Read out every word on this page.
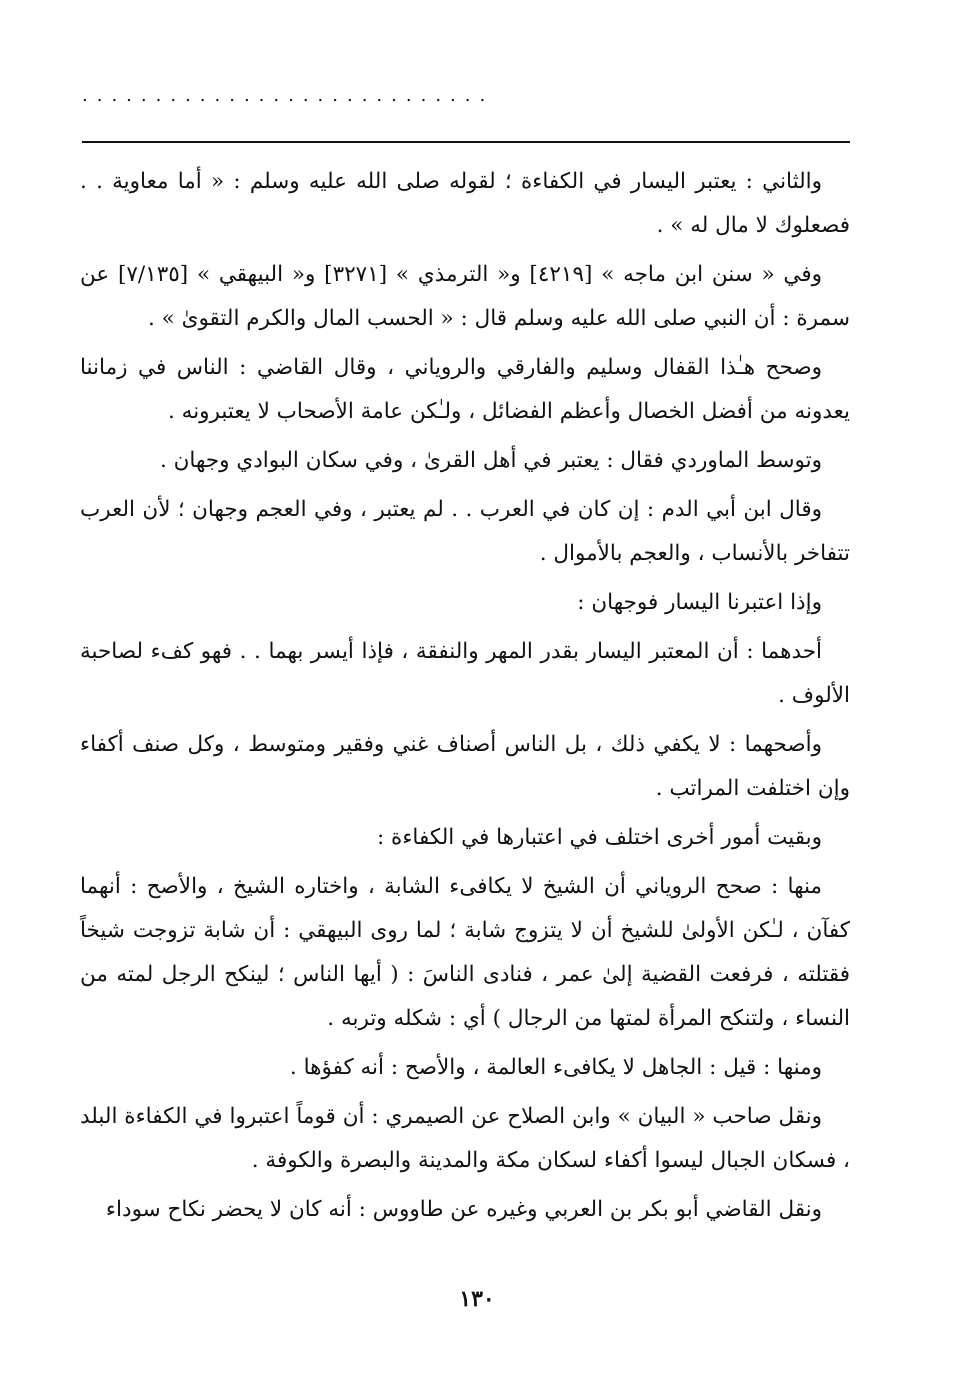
............................

والثاني : يعتبر اليسار في الكفاءة ؛ لقوله صلى الله عليه وسلم : « أما معاوية . . فصعلوك لا مال له » .

وفي « سنن ابن ماجه » [٤٢١٩] و« الترمذي » [٣٢٧١] و« البيهقي » [٧/١٣٥] عن سمرة : أن النبي صلى الله عليه وسلم قال : « الحسب المال والكرم التقوىٰ » .

وصحح هـٰذا القفال وسليم والفارقي والروياني ، وقال القاضي : الناس في زماننا يعدونه من أفضل الخصال وأعظم الفضائل ، ولـٰكن عامة الأصحاب لا يعتبرونه .

وتوسط الماوردي فقال : يعتبر في أهل القرىٰ ، وفي سكان البوادي وجهان .

وقال ابن أبي الدم : إن كان في العرب . . لم يعتبر ، وفي العجم وجهان ؛ لأن العرب تتفاخر بالأنساب ، والعجم بالأموال .

وإذا اعتبرنا اليسار فوجهان :

أحدهما : أن المعتبر اليسار بقدر المهر والنفقة ، فإذا أيسر بهما . . فهو كفء لصاحبة الألوف .

وأصحهما : لا يكفي ذلك ، بل الناس أصناف غني وفقير ومتوسط ، وكل صنف أكفاء وإن اختلفت المراتب .

وبقيت أمور أخرى اختلف في اعتبارها في الكفاءة :

منها : صحح الروياني أن الشيخ لا يكافىء الشابة ، واختاره الشيخ ، والأصح : أنهما كفآن ، لـٰكن الأولىٰ للشيخ أن لا يتزوج شابة ؛ لما روى البيهقي : أن شابة تزوجت شيخاً فقتلته ، فرفعت القضية إلىٰ عمر ، فنادى الناسَ : ( أيها الناس ؛ لينكح الرجل لمته من النساء ، ولتنكح المرأة لمتها من الرجال ) أي : شكله وتربه .

ومنها : قيل : الجاهل لا يكافىء العالمة ، والأصح : أنه كفؤها .

ونقل صاحب « البيان » وابن الصلاح عن الصيمري : أن قوماً اعتبروا في الكفاءة البلد ، فسكان الجبال ليسوا أكفاء لسكان مكة والمدينة والبصرة والكوفة .

ونقل القاضي أبو بكر بن العربي وغيره عن طاووس : أنه كان لا يحضر نكاح سوداء

١٣٠
